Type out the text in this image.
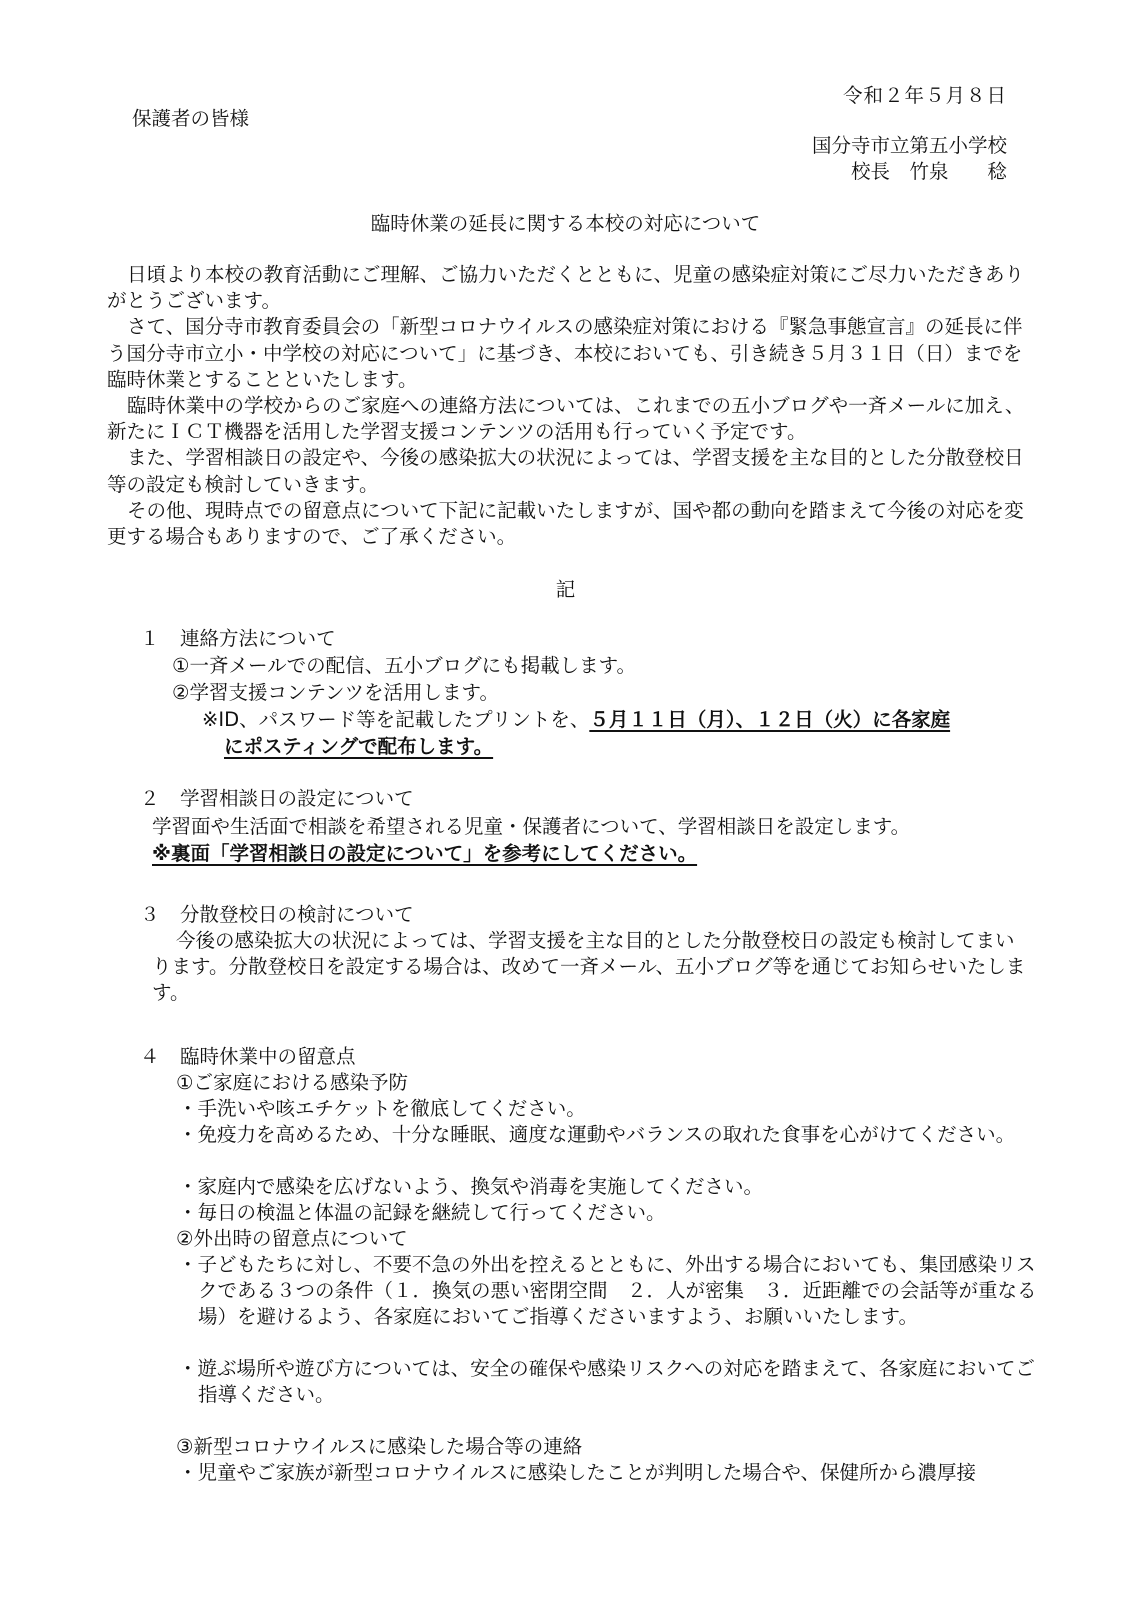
令和２年５月８日
保護者の皆様
国分寺市立第五小学校
校長　竹泉　　稔
臨時休業の延長に関する本校の対応について

日頃より本校の教育活動にご理解、ご協力いただくとともに、児童の感染症対策にご尽力いただきありがとうございます。

さて、国分寺市教育委員会の「新型コロナウイルスの感染症対策における『緊急事態宣言』の延長に伴う国分寺市立小・中学校の対応について」に基づき、本校においても、引き続き５月３１日（日）までを臨時休業とすることといたします。

臨時休業中の学校からのご家庭への連絡方法については、これまでの五小ブログや一斉メールに加え、新たにＩＣＴ機器を活用した学習支援コンテンツの活用も行っていく予定です。

また、学習相談日の設定や、今後の感染拡大の状況によっては、学習支援を主な目的とした分散登校日等の設定も検討していきます。

その他、現時点での留意点について下記に記載いたしますが、国や都の動向を踏まえて今後の対応を変更する場合もありますので、ご了承ください。

記
１ 連絡方法について
①一斉メールでの配信、五小ブログにも掲載します。
②学習支援コンテンツを活用します。
※ID、パスワード等を記載したプリントを、５月１１日（月）、１２日（火）に各家庭
にポスティングで配布します。
２ 学習相談日の設定について
学習面や生活面で相談を希望される児童・保護者について、学習相談日を設定します。
※裏面「学習相談日の設定について」を参考にしてください。
３ 分散登校日の検討について
今後の感染拡大の状況によっては、学習支援を主な目的とした分散登校日の設定も検討してまいります。分散登校日を設定する場合は、改めて一斉メール、五小ブログ等を通じてお知らせいたします。
４ 臨時休業中の留意点
①ご家庭における感染予防
・手洗いや咳エチケットを徹底してください。
・免疫力を高めるため、十分な睡眠、適度な運動やバランスの取れた食事を心がけてください。
・家庭内で感染を広げないよう、換気や消毒を実施してください。
・毎日の検温と体温の記録を継続して行ってください。
②外出時の留意点について
・子どもたちに対し、不要不急の外出を控えるとともに、外出する場合においても、集団感染リスクである３つの条件（１．換気の悪い密閉空間　２．人が密集　３．近距離での会話等が重なる場）を避けるよう、各家庭においてご指導くださいますよう、お願いいたします。
・遊ぶ場所や遊び方については、安全の確保や感染リスクへの対応を踏まえて、各家庭においてご指導ください。
③新型コロナウイルスに感染した場合等の連絡
・児童やご家族が新型コロナウイルスに感染したことが判明した場合や、保健所から濃厚接
